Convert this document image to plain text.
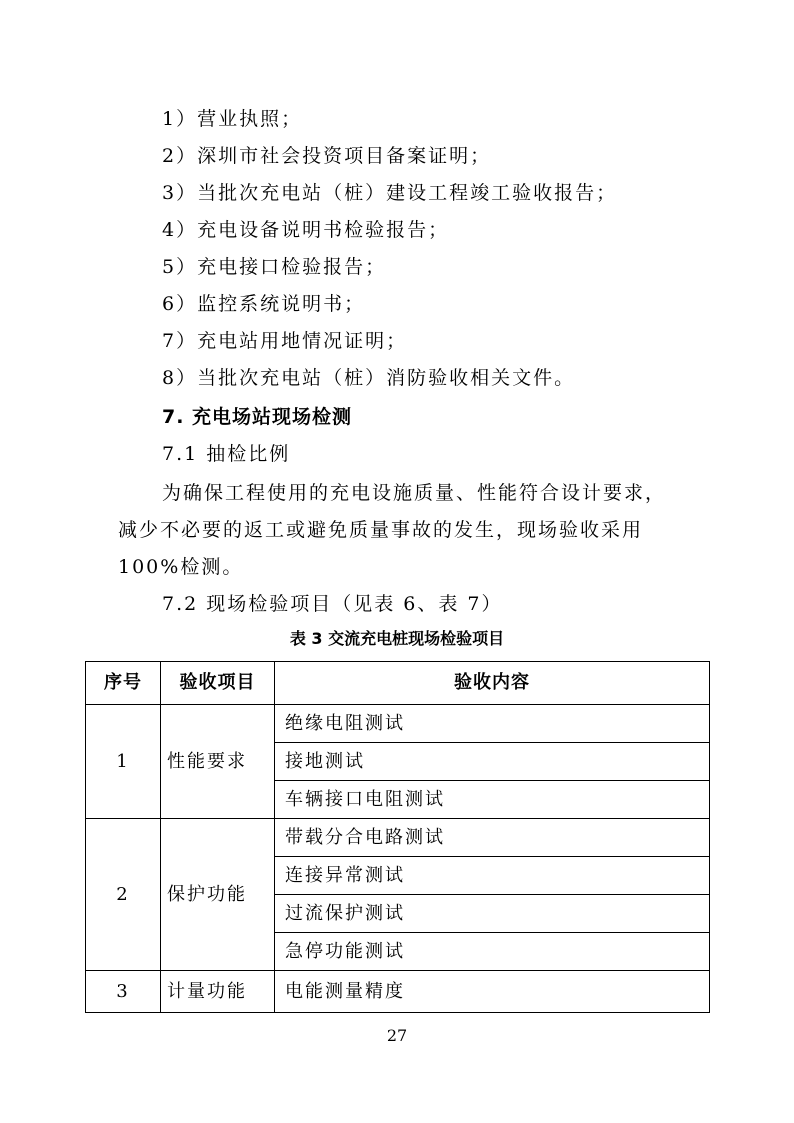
1）营业执照；
2）深圳市社会投资项目备案证明；
3）当批次充电站（桩）建设工程竣工验收报告；
4）充电设备说明书检验报告；
5）充电接口检验报告；
6）监控系统说明书；
7）充电站用地情况证明；
8）当批次充电站（桩）消防验收相关文件。
7. 充电场站现场检测
7.1 抽检比例
为确保工程使用的充电设施质量、性能符合设计要求，
减少不必要的返工或避免质量事故的发生，现场验收采用
100%检测。
7.2 现场检验项目（见表 6、表 7）
表 3 交流充电桩现场检验项目
序号	验收项目	验收内容
1	性能要求	绝缘电阻测试
		接地测试
		车辆接口电阻测试
2	保护功能	带载分合电路测试
		连接异常测试
		过流保护测试
		急停功能测试
3	计量功能	电能测量精度
27
